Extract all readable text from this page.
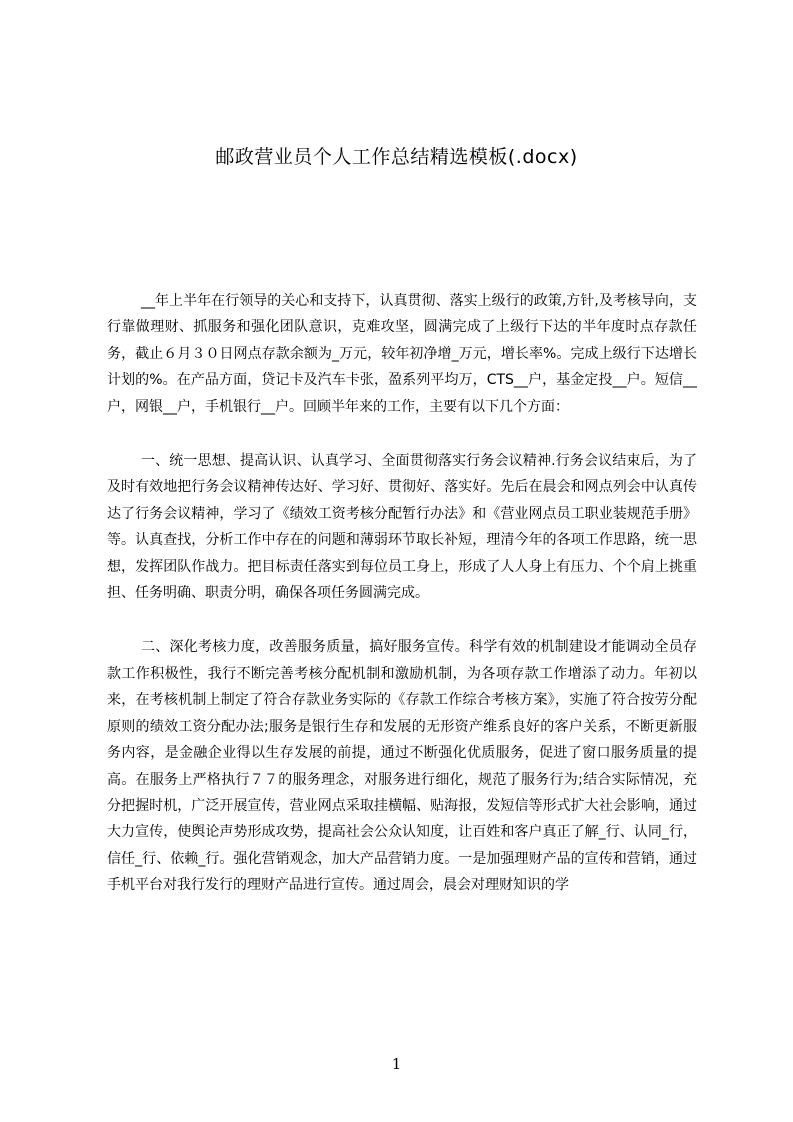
邮政营业员个人工作总结精选模板(.docx)

__年上半年在行领导的关心和支持下，认真贯彻、落实上级行的政策,方针,及考核导向，支行靠做理财、抓服务和强化团队意识，克难攻坚，圆满完成了上级行下达的半年度时点存款任务，截止６月３０日网点存款余额为_万元，较年初净增_万元，增长率%。完成上级行下达增长计划的%。在产品方面，贷记卡及汽车卡张，盈系列平均万，CTS__户，基金定投__户。短信__户，网银__户，手机银行__户。回顾半年来的工作，主要有以下几个方面：

一、统一思想、提高认识、认真学习、全面贯彻落实行务会议精神.行务会议结束后，为了及时有效地把行务会议精神传达好、学习好、贯彻好、落实好。先后在晨会和网点列会中认真传达了行务会议精神，学习了《绩效工资考核分配暂行办法》和《营业网点员工职业装规范手册》等。认真查找，分析工作中存在的问题和薄弱环节取长补短，理清今年的各项工作思路，统一思想，发挥团队作战力。把目标责任落实到每位员工身上，形成了人人身上有压力、个个肩上挑重担、任务明确、职责分明，确保各项任务圆满完成。

二、深化考核力度，改善服务质量，搞好服务宣传。科学有效的机制建设才能调动全员存款工作积极性，我行不断完善考核分配机制和激励机制，为各项存款工作增添了动力。年初以来，在考核机制上制定了符合存款业务实际的《存款工作综合考核方案》，实施了符合按劳分配原则的绩效工资分配办法;服务是银行生存和发展的无形资产维系良好的客户关系，不断更新服务内容，是金融企业得以生存发展的前提，通过不断强化优质服务，促进了窗口服务质量的提高。在服务上严格执行７７的服务理念，对服务进行细化，规范了服务行为;结合实际情况，充分把握时机，广泛开展宣传，营业网点采取挂横幅、贴海报，发短信等形式扩大社会影响，通过大力宣传，使舆论声势形成攻势，提高社会公众认知度，让百姓和客户真正了解_行、认同_行，信任_行、依赖_行。强化营销观念，加大产品营销力度。一是加强理财产品的宣传和营销，通过手机平台对我行发行的理财产品进行宣传。通过周会，晨会对理财知识的学

1
